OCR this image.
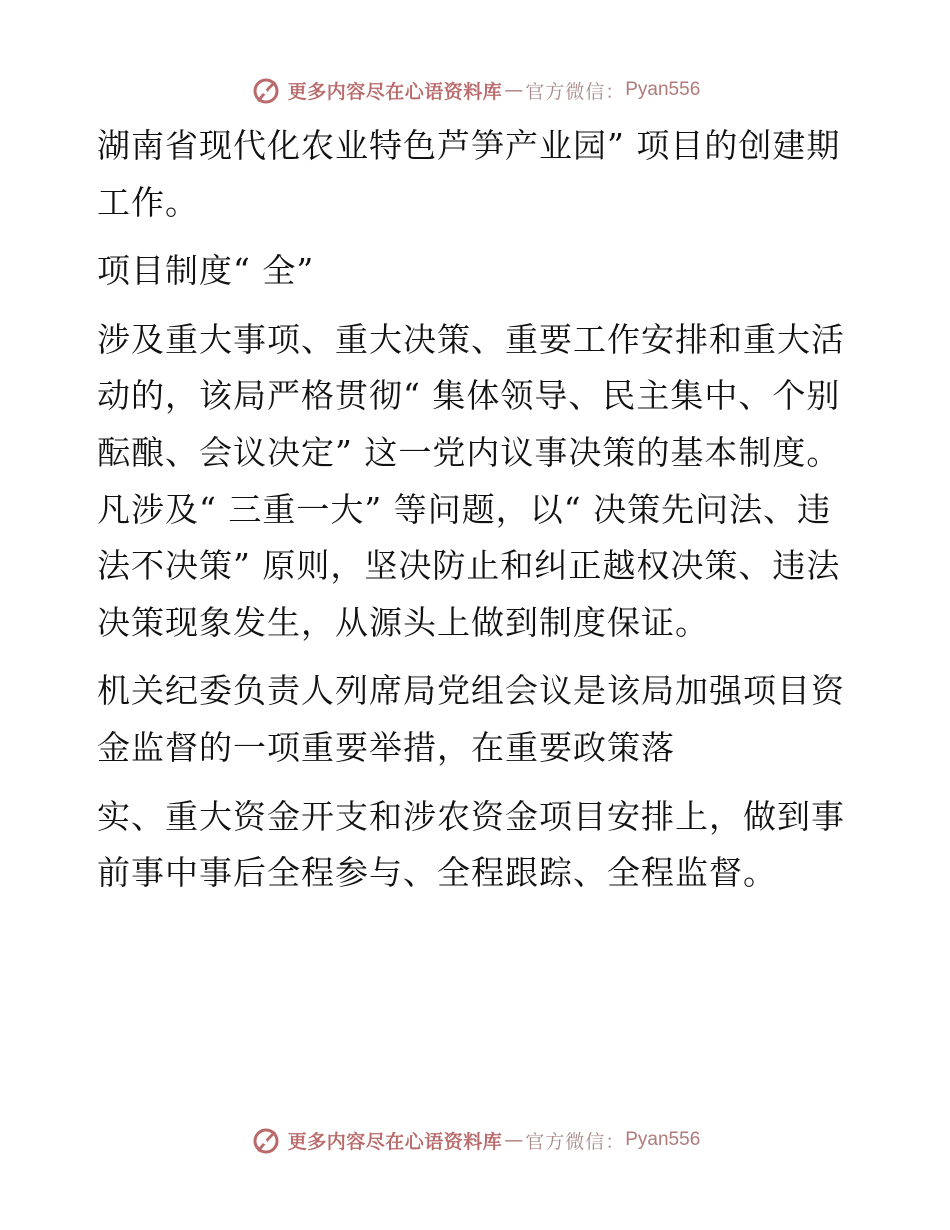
更多内容尽在心语资料库 — 官方微信： Pyan556

湖南省现代化农业特色芦笋产业园” 项目的创建期工作。

项目制度“ 全”

涉及重大事项、重大决策、重要工作安排和重大活动的，该局严格贯彻“ 集体领导、民主集中、个别酝酿、会议决定” 这一党内议事决策的基本制度。凡涉及“ 三重一大” 等问题，以“ 决策先问法、违法不决策” 原则，坚决防止和纠正越权决策、违法决策现象发生，从源头上做到制度保证。

机关纪委负责人列席局党组会议是该局加强项目资金监督的一项重要举措，在重要政策落

实、重大资金开支和涉农资金项目安排上，做到事前事中事后全程参与、全程跟踪、全程监督。

更多内容尽在心语资料库 — 官方微信： Pyan556
